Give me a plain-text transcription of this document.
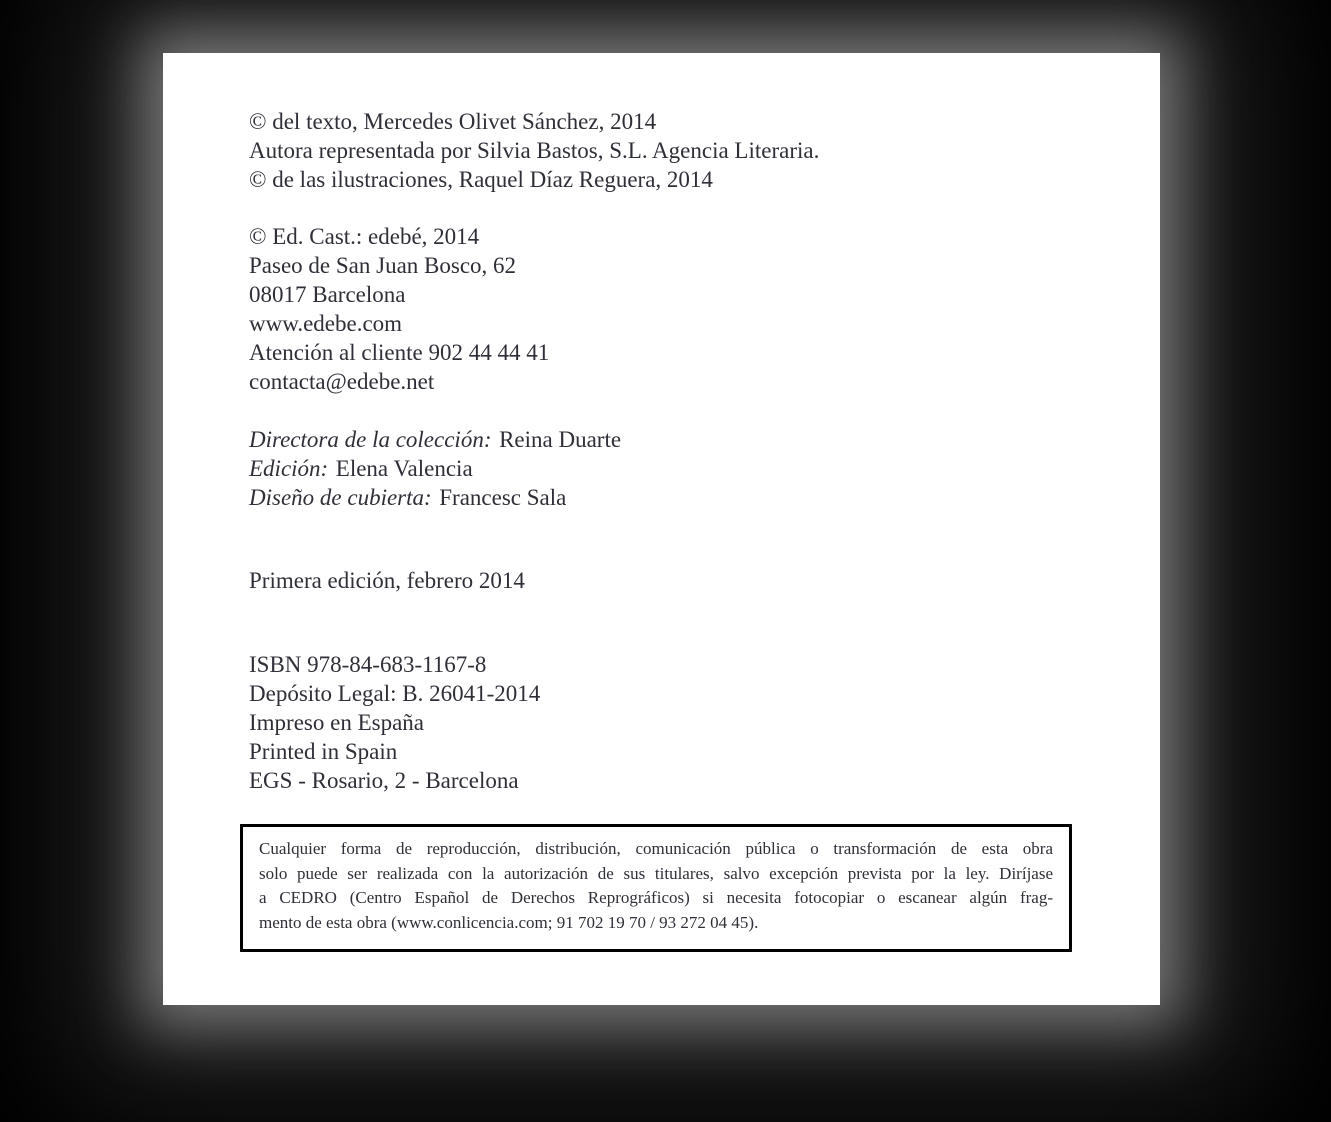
© del texto, Mercedes Olivet Sánchez, 2014
Autora representada por Silvia Bastos, S.L. Agencia Literaria.
© de las ilustraciones, Raquel Díaz Reguera, 2014
© Ed. Cast.: edebé, 2014
Paseo de San Juan Bosco, 62
08017 Barcelona
www.edebe.com
Atención al cliente 902 44 44 41
contacta@edebe.net
Directora de la colección: Reina Duarte
Edición: Elena Valencia
Diseño de cubierta: Francesc Sala
Primera edición, febrero 2014
ISBN 978-84-683-1167-8
Depósito Legal: B. 26041-2014
Impreso en España
Printed in Spain
EGS - Rosario, 2 - Barcelona
Cualquier forma de reproducción, distribución, comunicación pública o transformación de esta obra
solo puede ser realizada con la autorización de sus titulares, salvo excepción prevista por la ley. Diríjase
a CEDRO (Centro Español de Derechos Reprográficos) si necesita fotocopiar o escanear algún frag-
mento de esta obra (www.conlicencia.com; 91 702 19 70 / 93 272 04 45).
